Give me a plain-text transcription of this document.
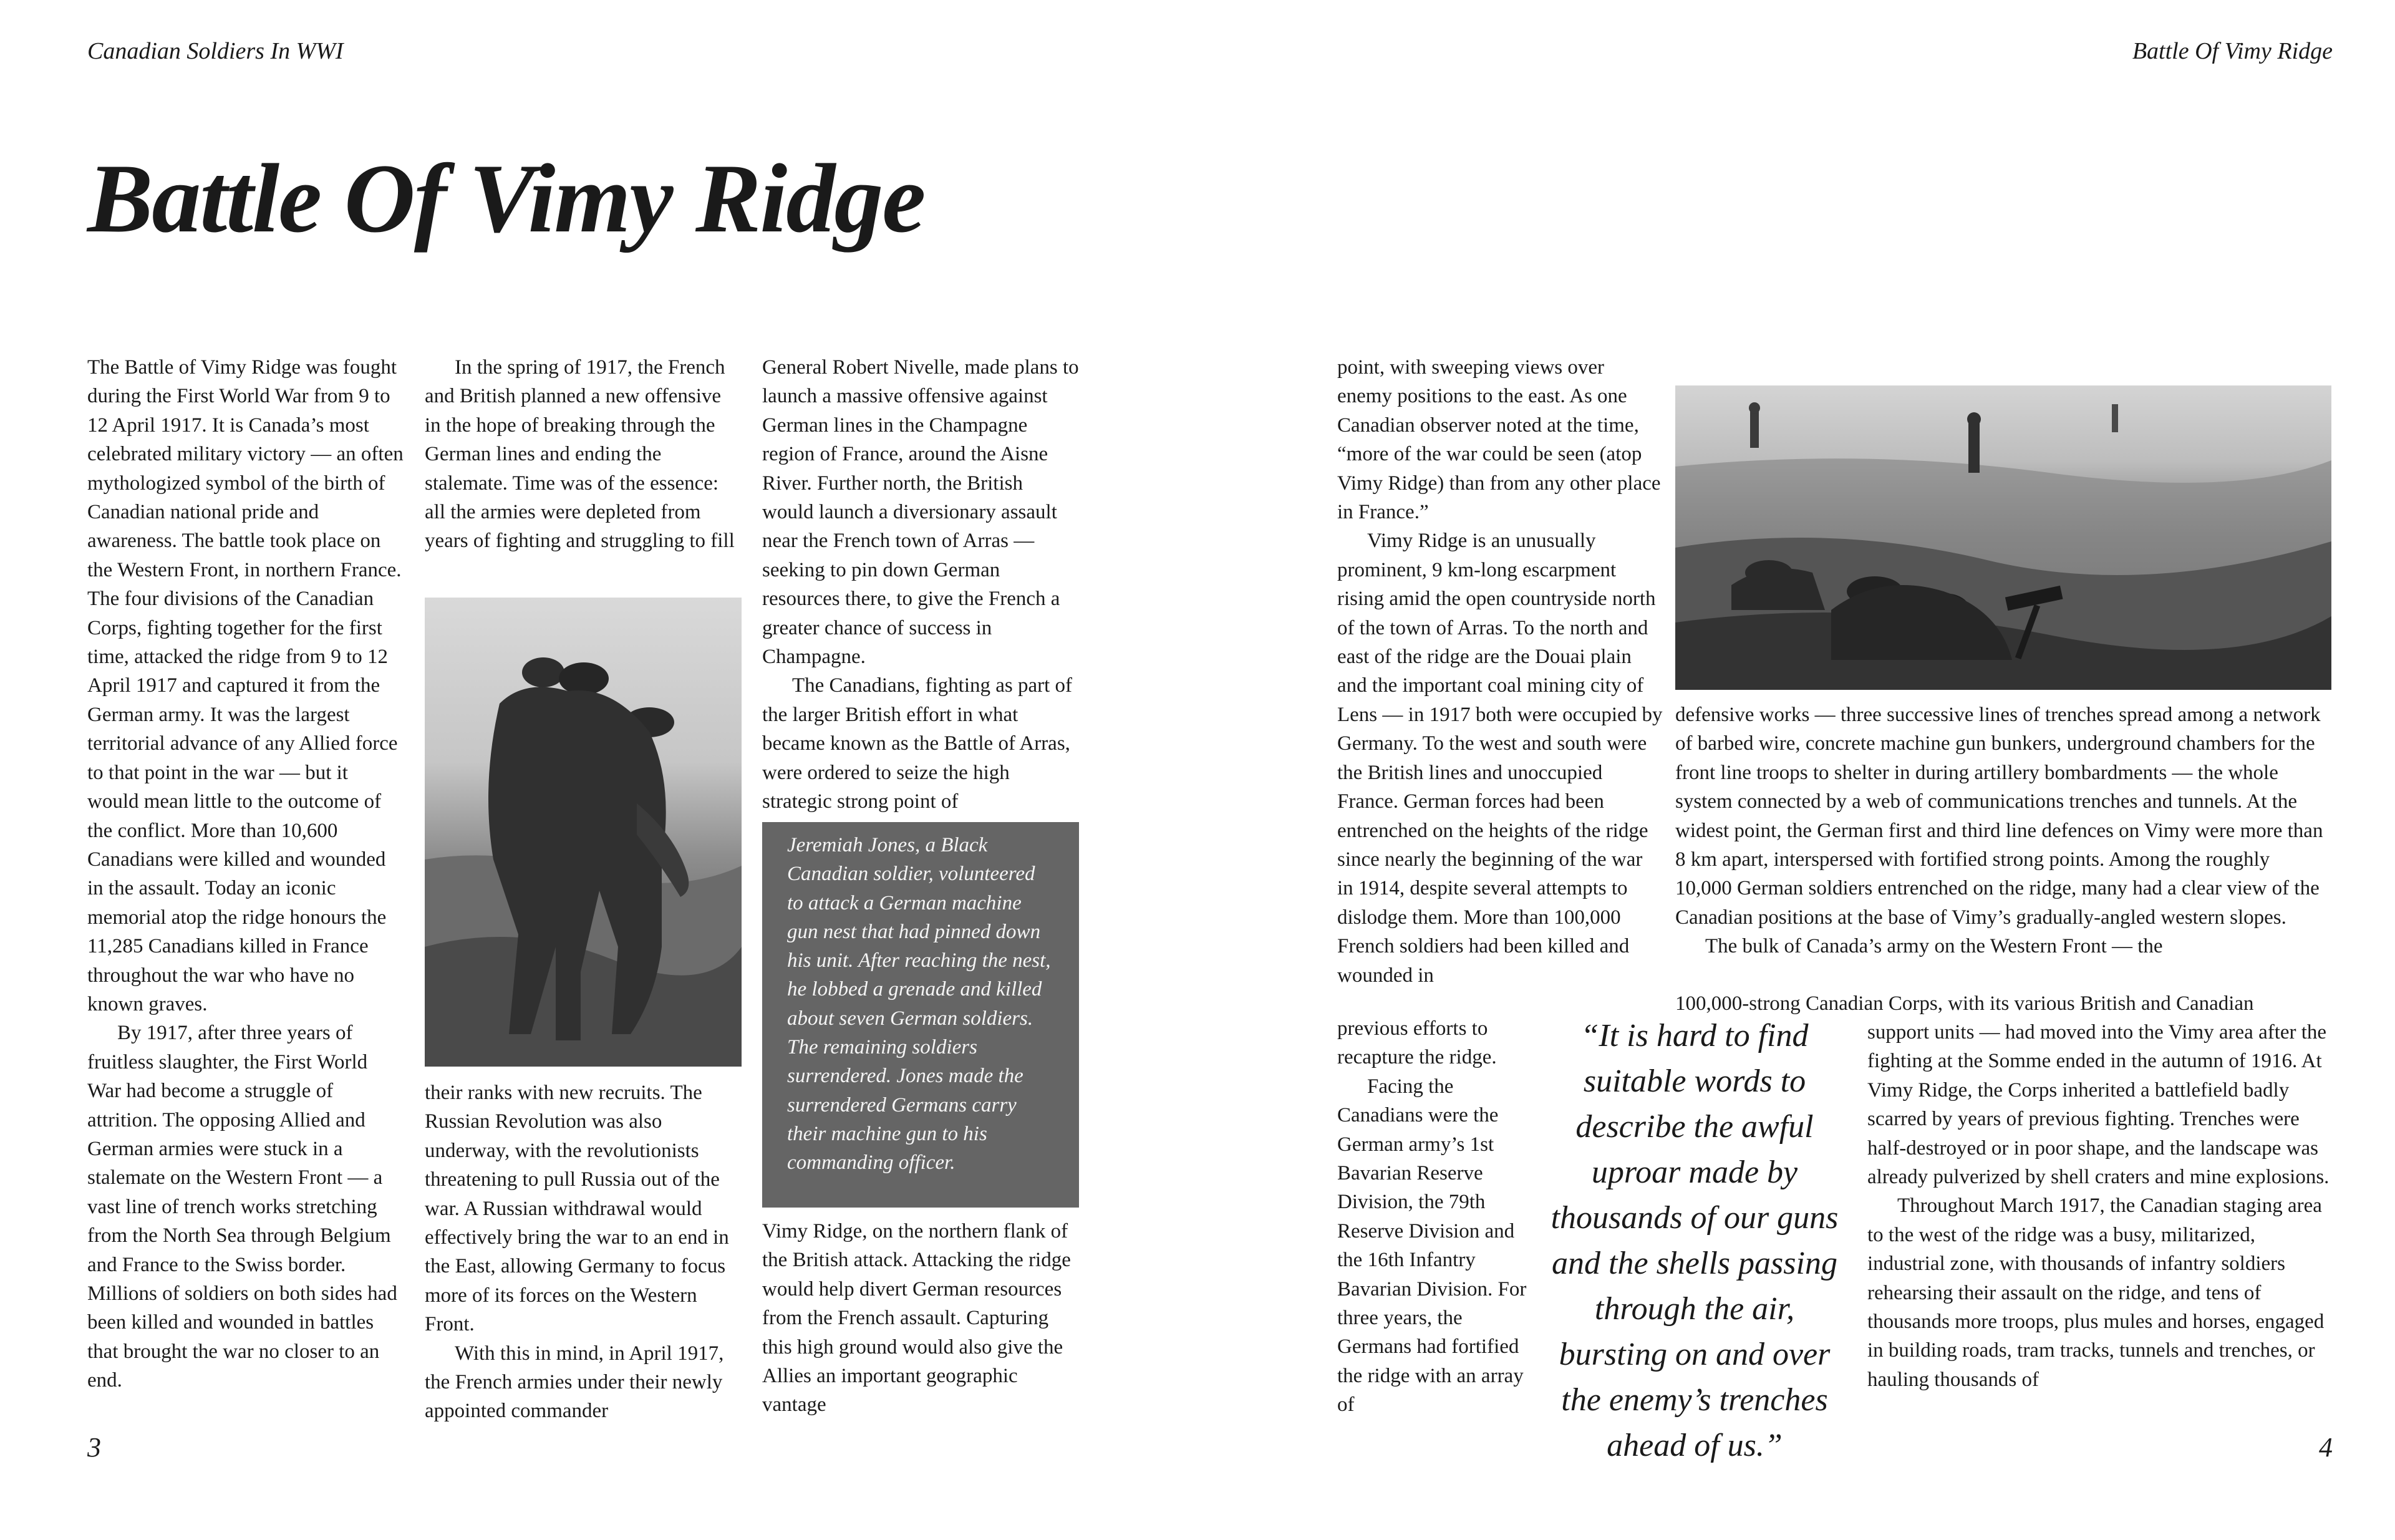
Canadian Soldiers In WWI	Battle Of Vimy Ridge
Battle Of Vimy Ridge

The Battle of Vimy Ridge was fought during the First World War from 9 to 12 April 1917. It is Canada’s most celebrated military victory — an often mythologized symbol of the birth of Canadian national pride and awareness. The battle took place on the Western Front, in northern France. The four divisions of the Canadian Corps, fighting together for the first time, attacked the ridge from 9 to 12 April 1917 and captured it from the German army. It was the largest territorial advance of any Allied force to that point in the war — but it would mean little to the outcome of the conflict. More than 10,600 Canadians were killed and wounded in the assault. Today an iconic memorial atop the ridge honours the 11,285 Canadians killed in France throughout the war who have no known graves.

By 1917, after three years of fruitless slaughter, the First World War had become a struggle of attrition. The opposing Allied and German armies were stuck in a stalemate on the Western Front — a vast line of trench works stretching from the North Sea through Belgium and France to the Swiss border. Millions of soldiers on both sides had been killed and wounded in battles that brought the war no closer to an end.

In the spring of 1917, the French and British planned a new offensive in the hope of breaking through the German lines and ending the stalemate. Time was of the essence: all the armies were depleted from years of fighting and struggling to fill

their ranks with new recruits. The Russian Revolution was also underway, with the revolutionists threatening to pull Russia out of the war. A Russian withdrawal would effectively bring the war to an end in the East, allowing Germany to focus more of its forces on the Western Front.

With this in mind, in April 1917, the French armies under their newly appointed commander

General Robert Nivelle, made plans to launch a massive offensive against German lines in the Champagne region of France, around the Aisne River. Further north, the British would launch a diversionary assault near the French town of Arras — seeking to pin down German resources there, to give the French a greater chance of success in Champagne.

The Canadians, fighting as part of the larger British effort in what became known as the Battle of Arras, were ordered to seize the high strategic strong point of

Jeremiah Jones, a Black Canadian soldier, volunteered to attack a German machine gun nest that had pinned down his unit. After reaching the nest, he lobbed a grenade and killed about seven German soldiers. The remaining soldiers surrendered. Jones made the surrendered Germans carry their machine gun to his commanding officer.

Vimy Ridge, on the northern flank of the British attack. Attacking the ridge would help divert German resources from the French assault. Capturing this high ground would also give the Allies an important geographic vantage

3

point, with sweeping views over enemy positions to the east. As one Canadian observer noted at the time, “more of the war could be seen (atop Vimy Ridge) than from any other place in France.”

Vimy Ridge is an unusually prominent, 9 km-long escarpment rising amid the open countryside north of the town of Arras. To the north and east of the ridge are the Douai plain and the important coal mining city of Lens — in 1917 both were occupied by Germany. To the west and south were the British lines and unoccupied France. German forces had been entrenched on the heights of the ridge since nearly the beginning of the war in 1914, despite several attempts to dislodge them. More than 100,000 French soldiers had been killed and wounded in

previous efforts to recapture the ridge.

Facing the Canadians were the German army’s 1st Bavarian Reserve Division, the 79th Reserve Division and the 16th Infantry Bavarian Division. For three years, the Germans had fortified the ridge with an array of

defensive works — three successive lines of trenches spread among a network of barbed wire, concrete machine gun bunkers, underground chambers for the front line troops to shelter in during artillery bombardments — the whole system connected by a web of communications trenches and tunnels. At the widest point, the German first and third line defences on Vimy were more than 8 km apart, interspersed with fortified strong points. Among the roughly 10,000 German soldiers entrenched on the ridge, many had a clear view of the Canadian positions at the base of Vimy’s gradually-angled western slopes.

The bulk of Canada’s army on the Western Front — the

100,000-strong Canadian Corps, with its various British and Canadian

“It is hard to find suitable words to describe the awful uproar made by thousands of our guns and the shells passing through the air, bursting on and over the enemy’s trenches ahead of us.”

support units — had moved into the Vimy area after the fighting at the Somme ended in the autumn of 1916. At Vimy Ridge, the Corps inherited a battlefield badly scarred by years of previous fighting. Trenches were half-destroyed or in poor shape, and the landscape was already pulverized by shell craters and mine explosions.

Throughout March 1917, the Canadian staging area to the west of the ridge was a busy, militarized, industrial zone, with thousands of infantry soldiers rehearsing their assault on the ridge, and tens of thousands more troops, plus mules and horses, engaged in building roads, tram tracks, tunnels and trenches, or hauling thousands of

4
